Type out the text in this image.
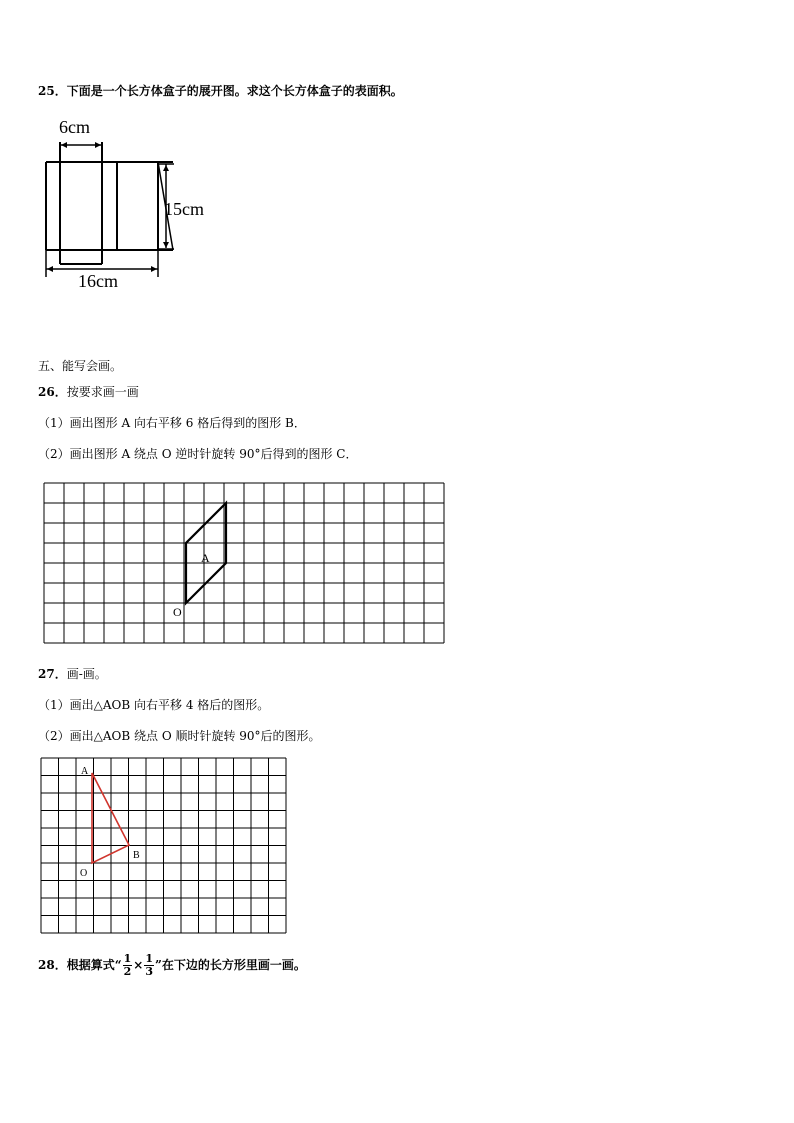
25．下面是一个长方体盒子的展开图。求这个长方体盒子的表面积。
6cm
15cm
16cm
五、能写会画。
26．按要求画一画
（1）画出图形 A 向右平移 6 格后得到的图形 B．
（2）画出图形 A 绕点 O 逆时针旋转 90°后得到的图形 C．
A
O
27．画-画。
（1）画出△AOB 向右平移 4 格后的图形。
（2）画出△AOB 绕点 O 顺时针旋转 90°后的图形。
A
B
O
28．根据算式“ $\frac{1}{2} \times \frac{1}{3}$ ”在下边的长方形里画一画。
